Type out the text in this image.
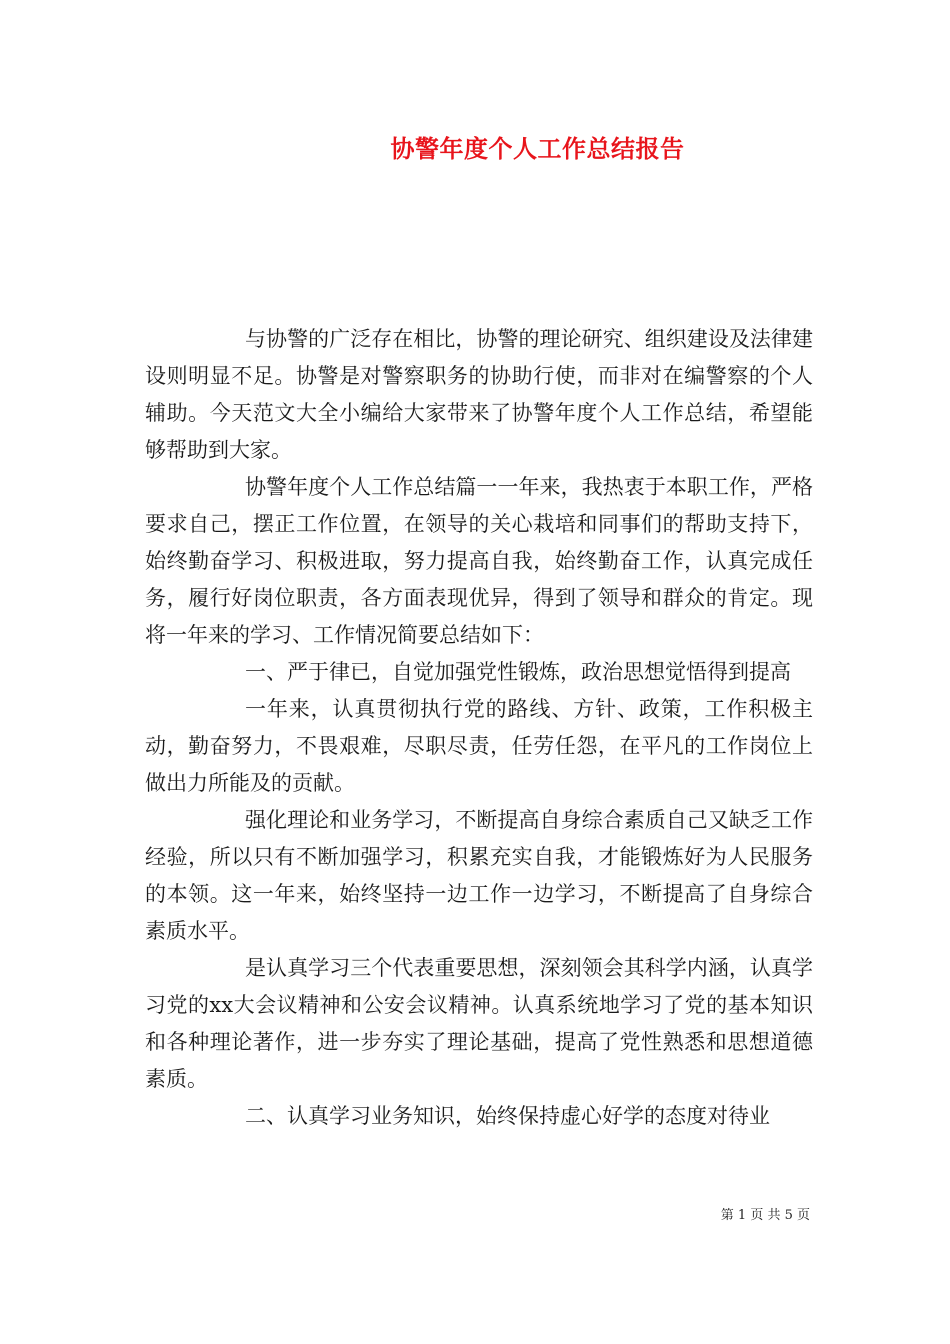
协警年度个人工作总结报告

与协警的广泛存在相比，协警的理论研究、组织建设及法律建设则明显不足。协警是对警察职务的协助行使，而非对在编警察的个人辅助。今天范文大全小编给大家带来了协警年度个人工作总结，希望能够帮助到大家。

协警年度个人工作总结篇一一年来，我热衷于本职工作，严格要求自己，摆正工作位置，在领导的关心栽培和同事们的帮助支持下，始终勤奋学习、积极进取，努力提高自我，始终勤奋工作，认真完成任务，履行好岗位职责，各方面表现优异，得到了领导和群众的肯定。现将一年来的学习、工作情况简要总结如下：

一、严于律已，自觉加强党性锻炼，政治思想觉悟得到提高

一年来，认真贯彻执行党的路线、方针、政策，工作积极主动，勤奋努力，不畏艰难，尽职尽责，任劳任怨，在平凡的工作岗位上做出力所能及的贡献。

强化理论和业务学习，不断提高自身综合素质自己又缺乏工作经验，所以只有不断加强学习，积累充实自我，才能锻炼好为人民服务的本领。这一年来，始终坚持一边工作一边学习，不断提高了自身综合素质水平。

是认真学习三个代表重要思想，深刻领会其科学内涵，认真学习党的xx大会议精神和公安会议精神。认真系统地学习了党的基本知识和各种理论著作，进一步夯实了理论基础，提高了党性熟悉和思想道德素质。

二、认真学习业务知识，始终保持虚心好学的态度对待业

第 1 页 共 5 页
